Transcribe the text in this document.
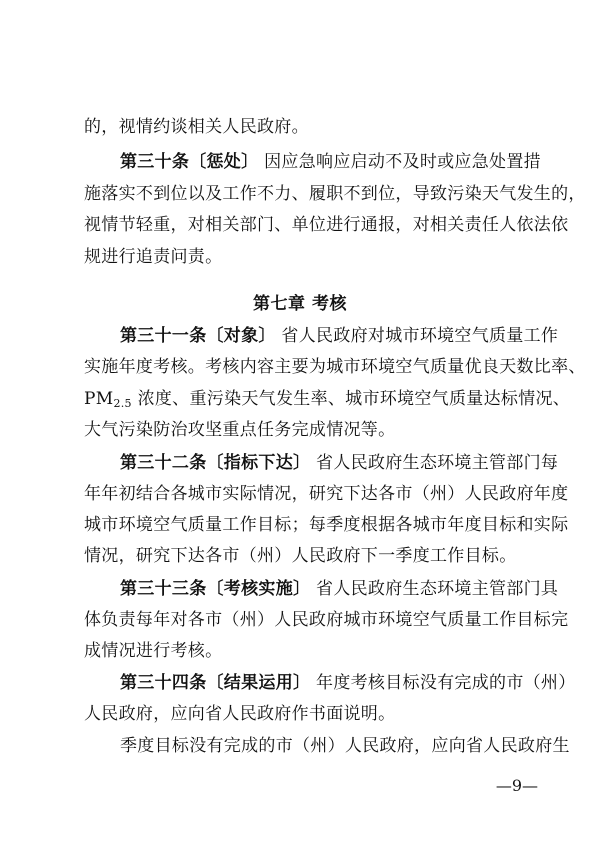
的，视情约谈相关人民政府。
第三十条〔惩处〕 因应急响应启动不及时或应急处置措
施落实不到位以及工作不力、履职不到位，导致污染天气发生的，
视情节轻重，对相关部门、单位进行通报，对相关责任人依法依
规进行追责问责。
第七章 考核
第三十一条〔对象〕 省人民政府对城市环境空气质量工作
实施年度考核。考核内容主要为城市环境空气质量优良天数比率、
$PM_{2.5}$ 浓度、重污染天气发生率、城市环境空气质量达标情况、
大气污染防治攻坚重点任务完成情况等。
第三十二条〔指标下达〕 省人民政府生态环境主管部门每
年年初结合各城市实际情况，研究下达各市（州）人民政府年度
城市环境空气质量工作目标；每季度根据各城市年度目标和实际
情况，研究下达各市（州）人民政府下一季度工作目标。
第三十三条〔考核实施〕 省人民政府生态环境主管部门具
体负责每年对各市（州）人民政府城市环境空气质量工作目标完
成情况进行考核。
第三十四条〔结果运用〕 年度考核目标没有完成的市（州）
人民政府，应向省人民政府作书面说明。
季度目标没有完成的市（州）人民政府，应向省人民政府生
—9—
